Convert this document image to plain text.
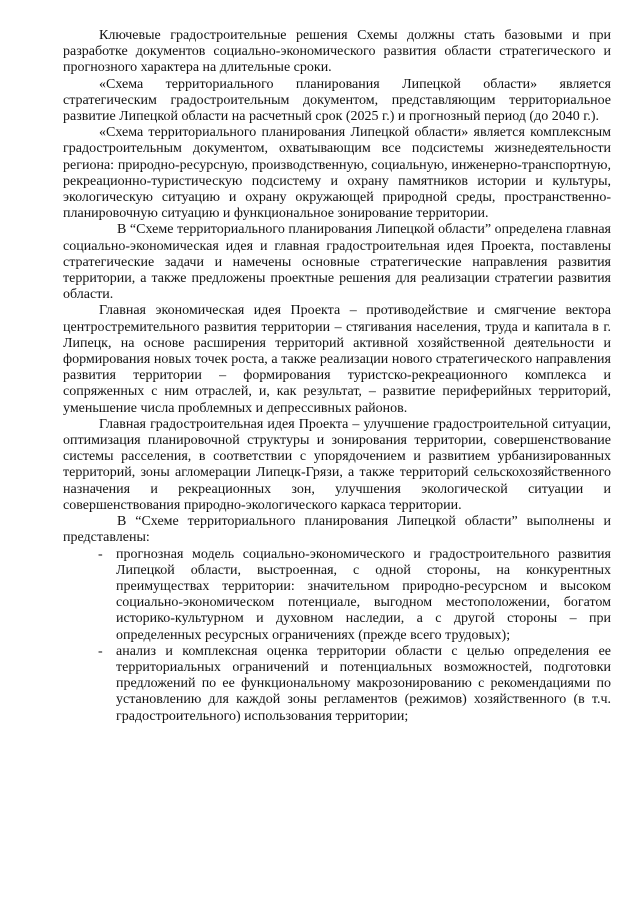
Ключевые градостроительные решения Схемы должны стать базовыми и при разработке документов социально-экономического развития области стратегического и прогнозного характера на длительные сроки.

«Схема территориального планирования Липецкой области» является стратегическим градостроительным документом, представляющим территориальное развитие Липецкой области на расчетный срок (2025 г.) и прогнозный период (до 2040 г.).

«Схема территориального планирования Липецкой области» является комплексным градостроительным документом, охватывающим все подсистемы жизнедеятельности региона: природно-ресурсную, производственную, социальную, инженерно-транспортную, рекреационно-туристическую подсистему и охрану памятников истории и культуры, экологическую ситуацию и охрану окружающей природной среды, пространственно-планировочную ситуацию и функциональное зонирование территории.

В “Схеме территориального планирования Липецкой области” определена главная социально-экономическая идея и главная градостроительная идея Проекта, поставлены стратегические задачи и намечены основные стратегические направления развития территории, а также предложены проектные решения для реализации стратегии развития области.

Главная экономическая идея Проекта – противодействие и смягчение вектора центростремительного развития территории – стягивания населения, труда и капитала в г. Липецк, на основе расширения территорий активной хозяйственной деятельности и формирования новых точек роста, а также реализации нового стратегического направления развития территории – формирования туристско-рекреационного комплекса и сопряженных с ним отраслей, и, как результат, – развитие периферийных территорий, уменьшение числа проблемных и депрессивных районов.

Главная градостроительная идея Проекта – улучшение градостроительной ситуации, оптимизация планировочной структуры и зонирования территории, совершенствование системы расселения, в соответствии с упорядочением и развитием урбанизированных территорий, зоны агломерации Липецк-Грязи, а также территорий сельскохозяйственного назначения и рекреационных зон, улучшения экологической ситуации и совершенствования природно-экологического каркаса территории.

В “Схеме территориального планирования Липецкой области” выполнены и представлены:

- прогнозная модель социально-экономического и градостроительного развития Липецкой области, выстроенная, с одной стороны, на конкурентных преимуществах территории: значительном природно-ресурсном и высоком социально-экономическом потенциале, выгодном местоположении, богатом историко-культурном и духовном наследии, а с другой стороны – при определенных ресурсных ограничениях (прежде всего трудовых);
- анализ и комплексная оценка территории области с целью определения ее территориальных ограничений и потенциальных возможностей, подготовки предложений по ее функциональному макрозонированию с рекомендациями по установлению для каждой зоны регламентов (режимов) хозяйственного (в т.ч. градостроительного) использования территории;
